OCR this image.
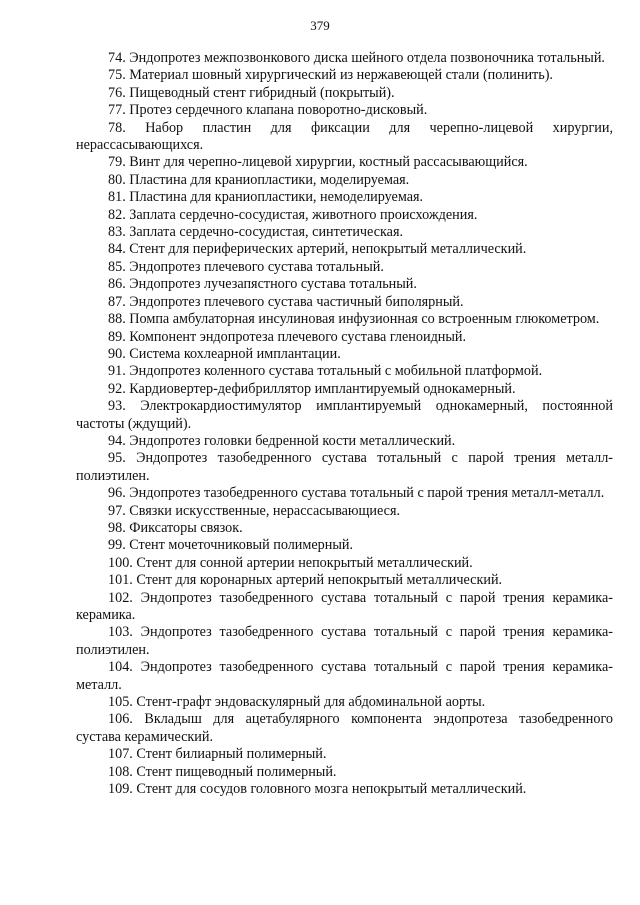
379

74. Эндопротез межпозвонкового диска шейного отдела позвоночника тотальный.

75. Материал шовный хирургический из нержавеющей стали (полинить).

76. Пищеводный стент гибридный (покрытый).

77. Протез сердечного клапана поворотно-дисковый.

78. Набор пластин для фиксации для черепно-лицевой хирургии, нерассасывающихся.

79. Винт для черепно-лицевой хирургии, костный рассасывающийся.

80. Пластина для краниопластики, моделируемая.

81. Пластина для краниопластики, немоделируемая.

82. Заплата сердечно-сосудистая, животного происхождения.

83. Заплата сердечно-сосудистая, синтетическая.

84. Стент для периферических артерий, непокрытый металлический.

85. Эндопротез плечевого сустава тотальный.

86. Эндопротез лучезапястного сустава тотальный.

87. Эндопротез плечевого сустава частичный биполярный.

88. Помпа амбулаторная инсулиновая инфузионная со встроенным глюкометром.

89. Компонент эндопротеза плечевого сустава гленоидный.

90. Система кохлеарной имплантации.

91. Эндопротез коленного сустава тотальный с мобильной платформой.

92. Кардиовертер-дефибриллятор имплантируемый однокамерный.

93. Электрокардиостимулятор имплантируемый однокамерный, постоянной частоты (ждущий).

94. Эндопротез головки бедренной кости металлический.

95. Эндопротез тазобедренного сустава тотальный с парой трения металл-полиэтилен.

96. Эндопротез тазобедренного сустава тотальный с парой трения металл-металл.

97. Связки искусственные, нерассасывающиеся.

98. Фиксаторы связок.

99. Стент мочеточниковый полимерный.

100. Стент для сонной артерии непокрытый металлический.

101. Стент для коронарных артерий непокрытый металлический.

102. Эндопротез тазобедренного сустава тотальный с парой трения керамика-керамика.

103. Эндопротез тазобедренного сустава тотальный с парой трения керамика-полиэтилен.

104. Эндопротез тазобедренного сустава тотальный с парой трения керамика-металл.

105. Стент-графт эндоваскулярный для абдоминальной аорты.

106. Вкладыш для ацетабулярного компонента эндопротеза тазобедренного сустава керамический.

107. Стент билиарный полимерный.

108. Стент пищеводный полимерный.

109. Стент для сосудов головного мозга непокрытый металлический.
